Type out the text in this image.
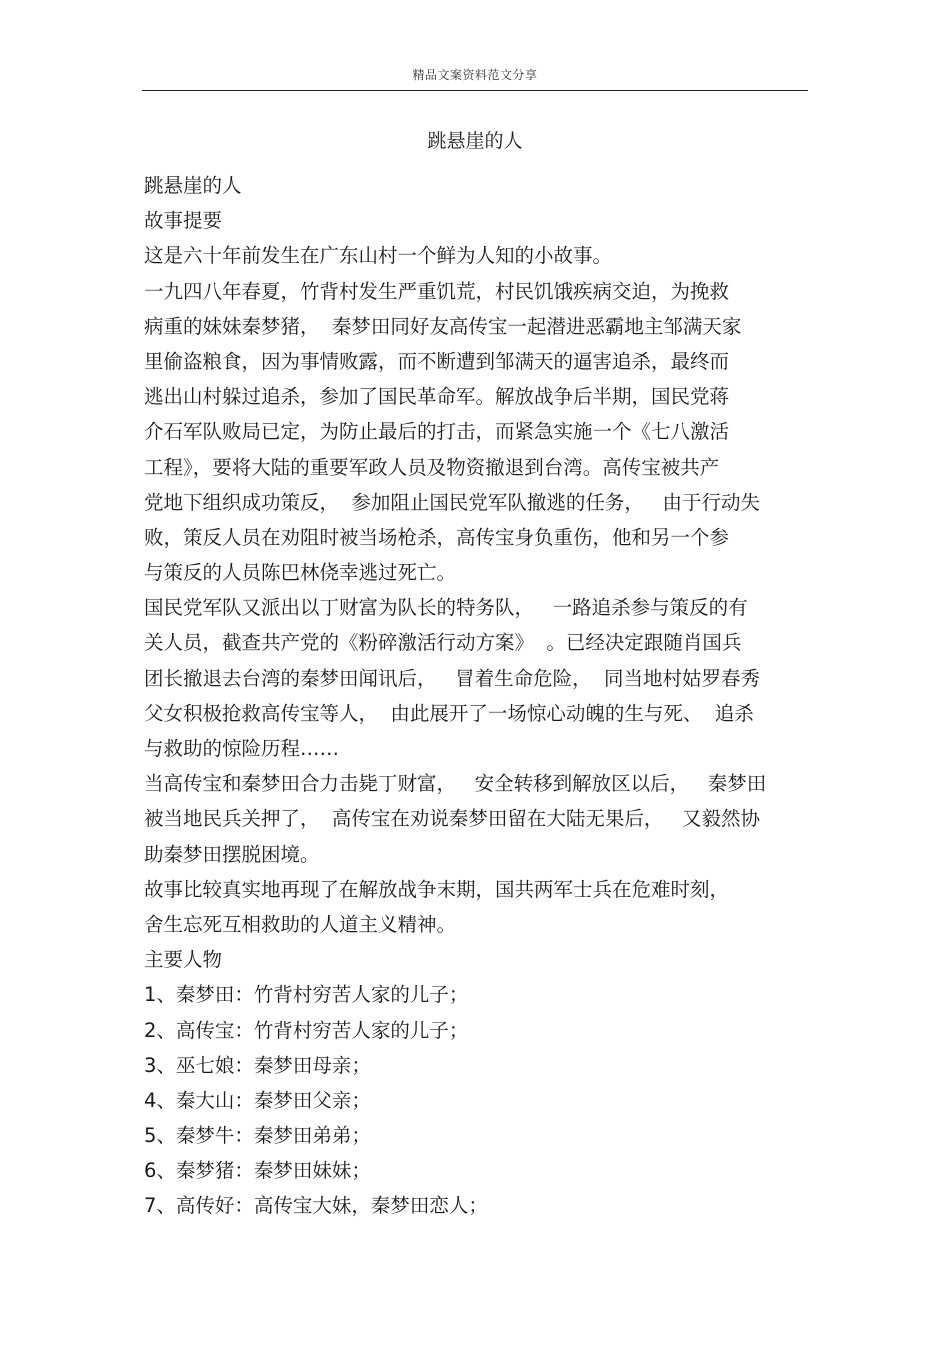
精品文案资料范文分享
跳悬崖的人
跳悬崖的人
故事提要
这是六十年前发生在广东山村一个鲜为人知的小故事。
一九四八年春夏，竹背村发生严重饥荒，村民饥饿疾病交迫，为挽救
病重的妹妹秦梦猪，  秦梦田同好友高传宝一起潜进恶霸地主邹满天家
里偷盗粮食，因为事情败露，而不断遭到邹满天的逼害追杀，最终而
逃出山村躲过追杀，参加了国民革命军。解放战争后半期，国民党蒋
介石军队败局已定，为防止最后的打击，而紧急实施一个《七八激活
工程》，要将大陆的重要军政人员及物资撤退到台湾。高传宝被共产
党地下组织成功策反，  参加阻止国民党军队撤逃的任务，   由于行动失
败，策反人员在劝阻时被当场枪杀，高传宝身负重伤，他和另一个参
与策反的人员陈巴林侥幸逃过死亡。
国民党军队又派出以丁财富为队长的特务队，   一路追杀参与策反的有
关人员，截查共产党的《粉碎激活行动方案》  。已经决定跟随肖国兵
团长撤退去台湾的秦梦田闻讯后，   冒着生命危险，  同当地村姑罗春秀
父女积极抢救高传宝等人，  由此展开了一场惊心动魄的生与死、  追杀
与救助的惊险历程……
当高传宝和秦梦田合力击毙丁财富，   安全转移到解放区以后，   秦梦田
被当地民兵关押了，  高传宝在劝说秦梦田留在大陆无果后，   又毅然协
助秦梦田摆脱困境。
故事比较真实地再现了在解放战争末期，国共两军士兵在危难时刻，
舍生忘死互相救助的人道主义精神。
主要人物
1、秦梦田：竹背村穷苦人家的儿子；
2、高传宝：竹背村穷苦人家的儿子；
3、巫七娘：秦梦田母亲；
4、秦大山：秦梦田父亲；
5、秦梦牛：秦梦田弟弟；
6、秦梦猪：秦梦田妹妹；
7、高传好：高传宝大妹，秦梦田恋人；
